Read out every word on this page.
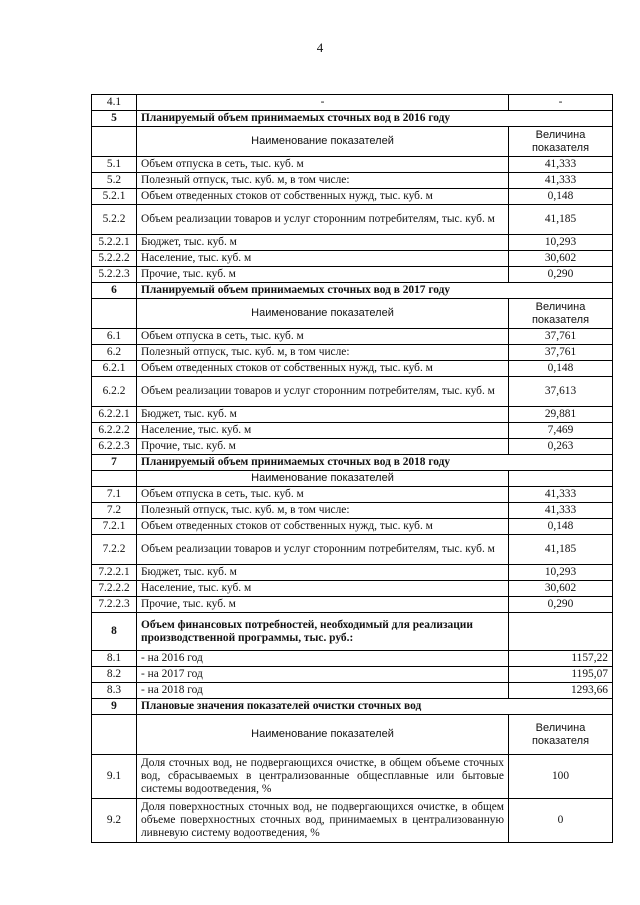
4
4.1	-	-
5	Планируемый объем принимаемых сточных вод в 2016 году	
	Наименование показателей	Величина показателя
5.1	Объем отпуска в сеть, тыс. куб. м	41,333
5.2	Полезный отпуск, тыс. куб. м, в том числе:	41,333
5.2.1	Объем отведенных стоков от собственных нужд, тыс. куб. м	0,148
5.2.2	Объем реализации товаров и услуг сторонним потребителям, тыс. куб. м	41,185
5.2.2.1	Бюджет, тыс. куб. м	10,293
5.2.2.2	Население, тыс. куб. м	30,602
5.2.2.3	Прочие, тыс. куб. м	0,290
6	Планируемый объем принимаемых сточных вод в 2017 году	
	Наименование показателей	Величина показателя
6.1	Объем отпуска в сеть, тыс. куб. м	37,761
6.2	Полезный отпуск, тыс. куб. м, в том числе:	37,761
6.2.1	Объем отведенных стоков от собственных нужд, тыс. куб. м	0,148
6.2.2	Объем реализации товаров и услуг сторонним потребителям, тыс. куб. м	37,613
6.2.2.1	Бюджет, тыс. куб. м	29,881
6.2.2.2	Население, тыс. куб. м	7,469
6.2.2.3	Прочие, тыс. куб. м	0,263
7	Планируемый объем принимаемых сточных вод в 2018 году	
	Наименование показателей	
7.1	Объем отпуска в сеть, тыс. куб. м	41,333
7.2	Полезный отпуск, тыс. куб. м, в том числе:	41,333
7.2.1	Объем отведенных стоков от собственных нужд, тыс. куб. м	0,148
7.2.2	Объем реализации товаров и услуг сторонним потребителям, тыс. куб. м	41,185
7.2.2.1	Бюджет, тыс. куб. м	10,293
7.2.2.2	Население, тыс. куб. м	30,602
7.2.2.3	Прочие, тыс. куб. м	0,290
8	Объем финансовых потребностей, необходимый для реализации производственной программы, тыс. руб.:	
8.1	- на 2016 год	1157,22
8.2	- на 2017 год	1195,07
8.3	- на 2018 год	1293,66
9	Плановые значения показателей очистки сточных вод	
	Наименование показателей	Величина показателя
9.1	Доля сточных вод, не подвергающихся очистке, в общем объеме сточных вод, сбрасываемых в централизованные общесплавные или бытовые системы водоотведения, %	100
9.2	Доля поверхностных сточных вод, не подвергающихся очистке, в общем объеме поверхностных сточных вод, принимаемых в централизованную ливневую систему водоотведения, %	0
